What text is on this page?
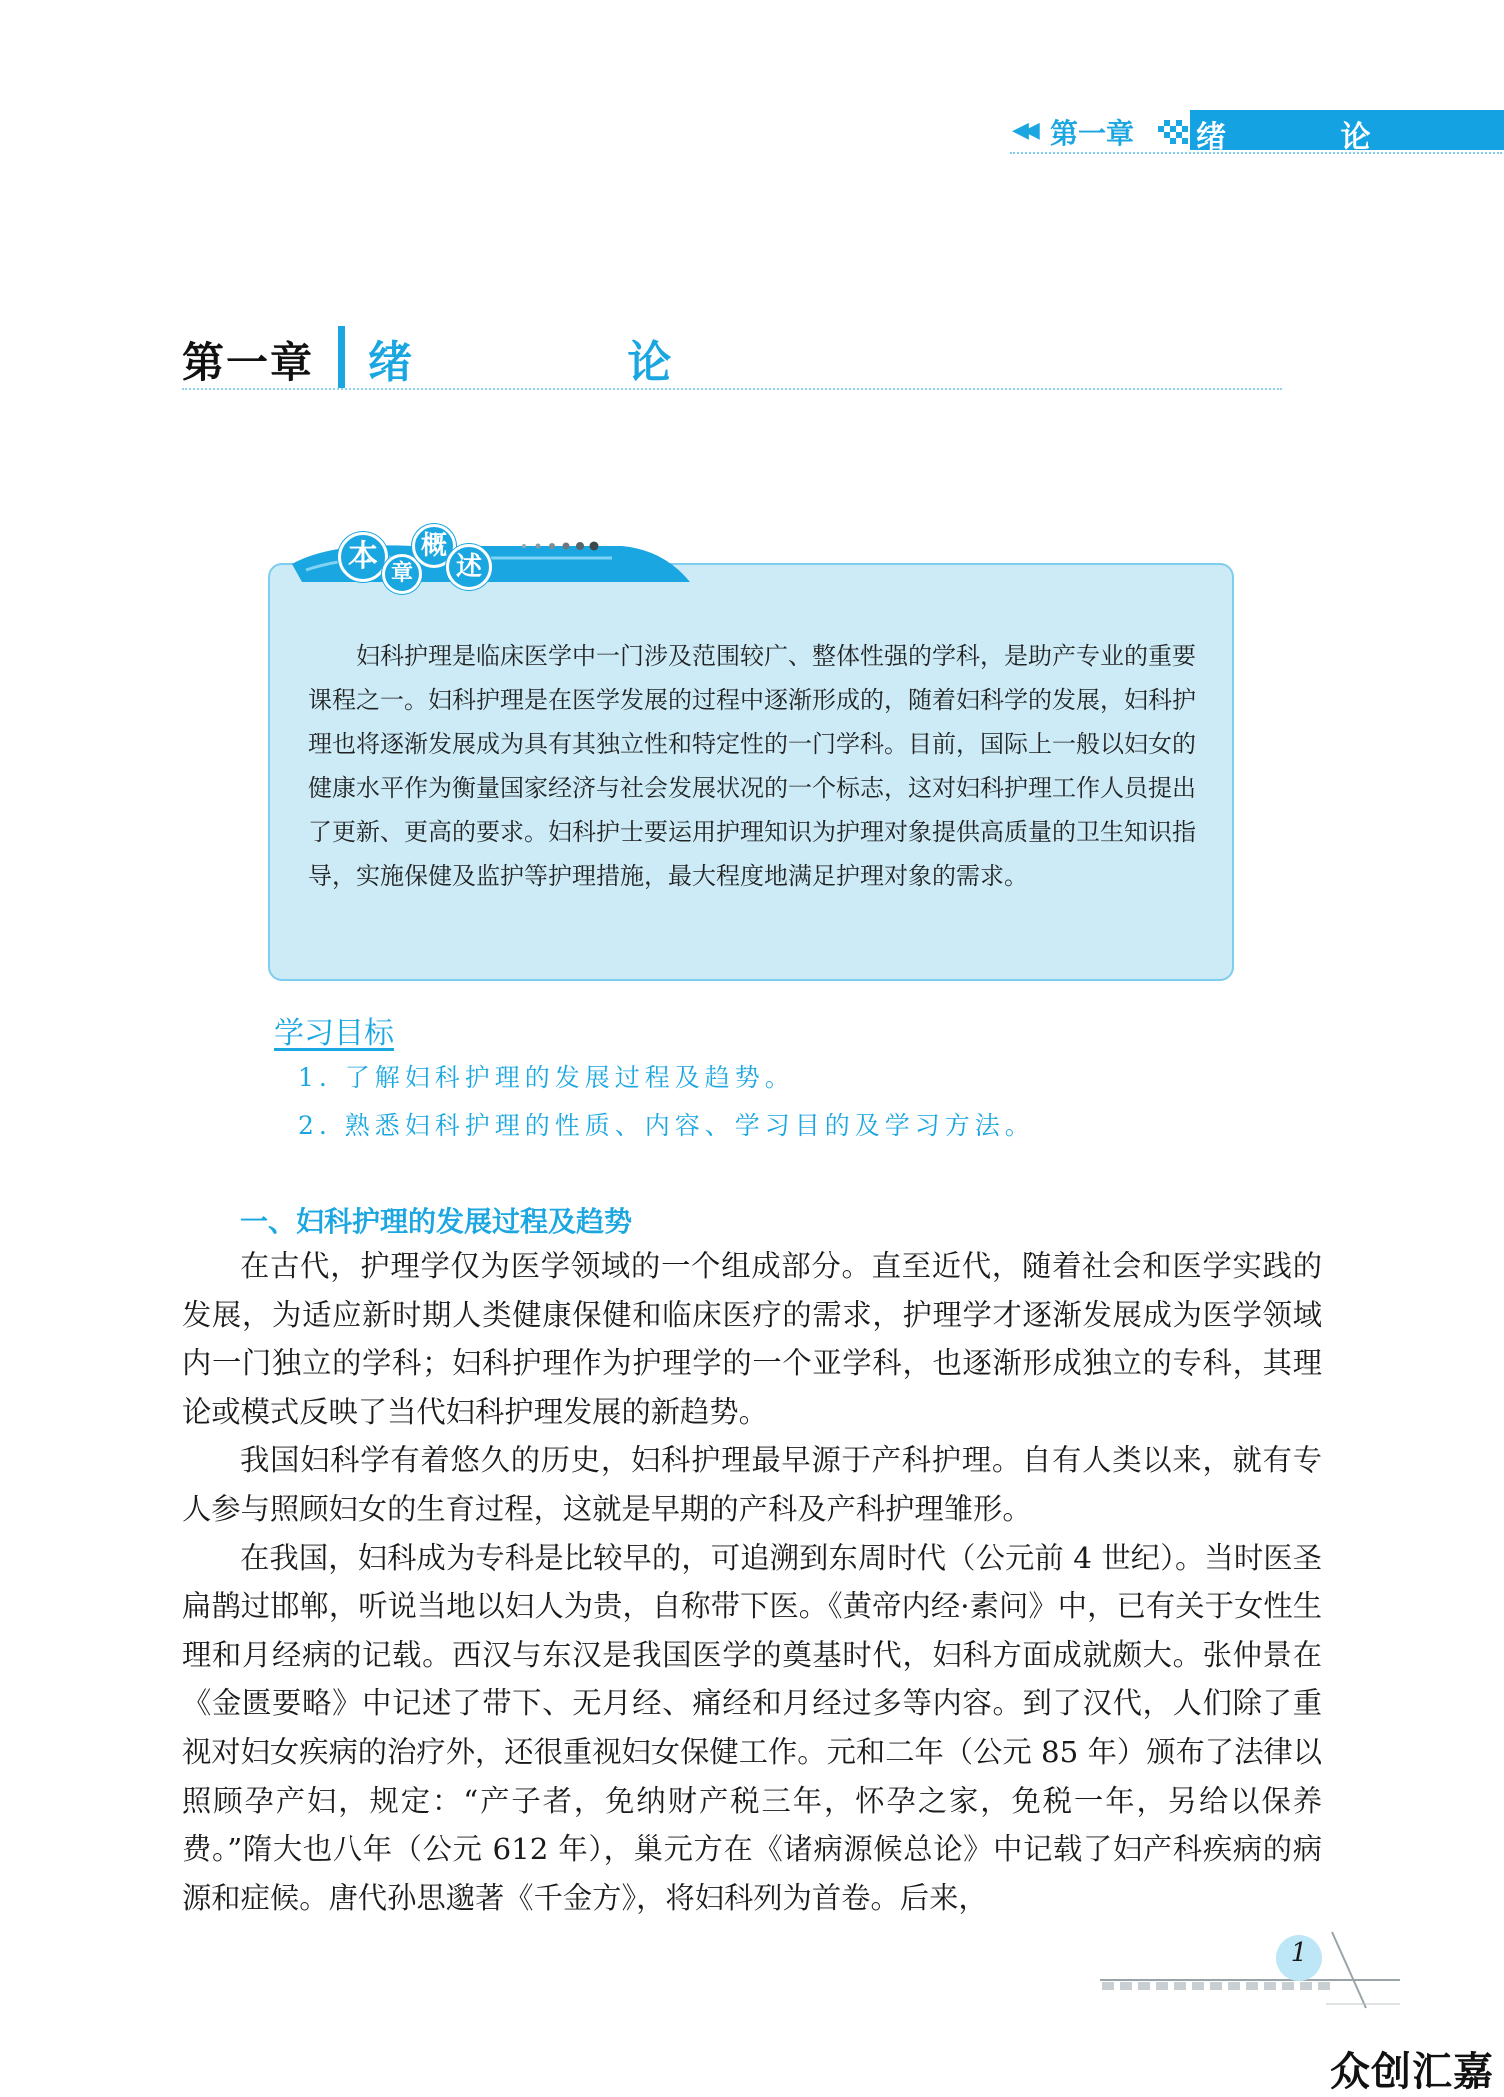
◀◀ 第一章 绪 论
第一章 绪 论
本 章
概
述

妇科护理是临床医学中一门涉及范围较广、整体性强的学科，是助产专业的重要课程之一。妇科护理是在医学发展的过程中逐渐形成的，随着妇科学的发展，妇科护理也将逐渐发展成为具有其独立性和特定性的一门学科。目前，国际上一般以妇女的健康水平作为衡量国家经济与社会发展状况的一个标志，这对妇科护理工作人员提出了更新、更高的要求。妇科护士要运用护理知识为护理对象提供高质量的卫生知识指导，实施保健及监护等护理措施，最大程度地满足护理对象的需求。

学习目标
1. 了解妇科护理的发展过程及趋势。
2. 熟悉妇科护理的性质、内容、学习目的及学习方法。
一、妇科护理的发展过程及趋势

在古代，护理学仅为医学领域的一个组成部分。直至近代，随着社会和医学实践的发展，为适应新时期人类健康保健和临床医疗的需求，护理学才逐渐发展成为医学领域内一门独立的学科；妇科护理作为护理学的一个亚学科，也逐渐形成独立的专科，其理论或模式反映了当代妇科护理发展的新趋势。

我国妇科学有着悠久的历史，妇科护理最早源于产科护理。自有人类以来，就有专人参与照顾妇女的生育过程，这就是早期的产科及产科护理雏形。

在我国，妇科成为专科是比较早的，可追溯到东周时代（公元前 4 世纪）。当时医圣扁鹊过邯郸，听说当地以妇人为贵，自称带下医。《黄帝内经·素问》中，已有关于女性生理和月经病的记载。西汉与东汉是我国医学的奠基时代，妇科方面成就颇大。张仲景在《金匮要略》中记述了带下、无月经、痛经和月经过多等内容。到了汉代，人们除了重视对妇女疾病的治疗外，还很重视妇女保健工作。元和二年（公元 85 年）颁布了法律以照顾孕产妇，规定：“产子者，免纳财产税三年，怀孕之家，免税一年，另给以保养费。”隋大也八年（公元 612 年），巢元方在《诸病源候总论》中记载了妇产科疾病的病源和症候。唐代孙思邈著《千金方》，将妇科列为首卷。后来，

1
众创汇嘉
